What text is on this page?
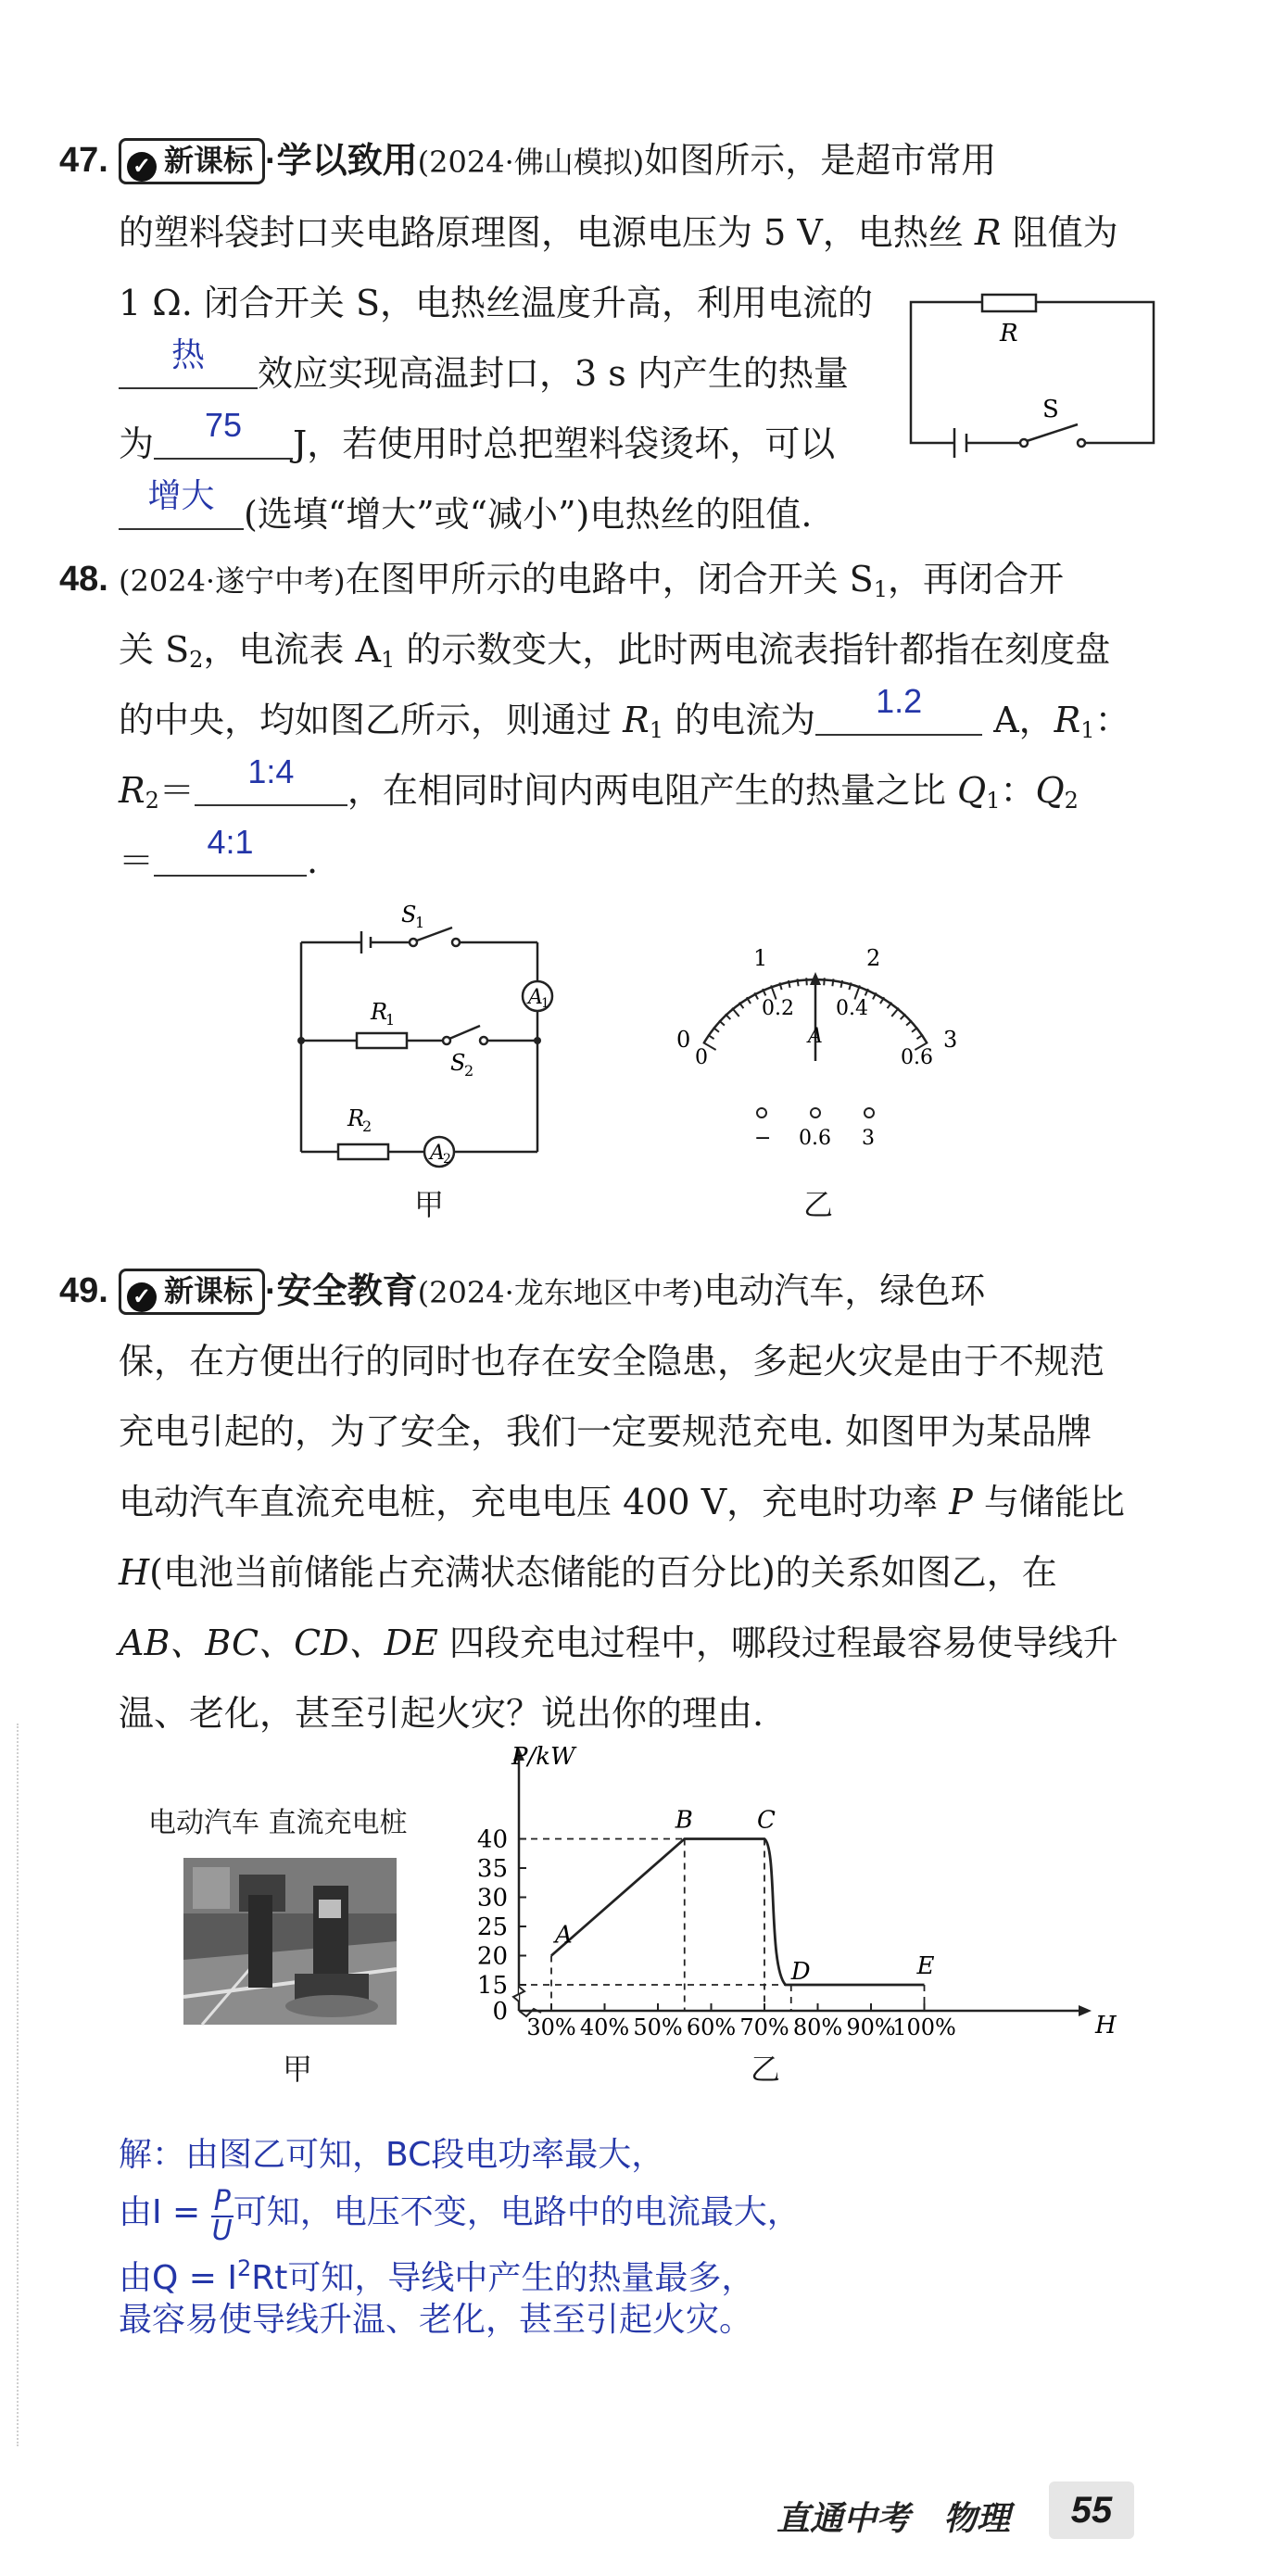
47.	✓ 新课标 ·学以致用(2024·佛山模拟)如图所示，是超市常用
的塑料袋封口夹电路原理图，电源电压为 5 V，电热丝 R 阻值为
1 Ω. 闭合开关 S，电热丝温度升高，利用电流的
热	效应实现高温封口，3 s 内产生的热量
为	75	J，若使用时总把塑料袋烫坏，可以
增大 (选填“增大”或“减小”)电热丝的阻值.
R
S
48. (2024·遂宁中考)在图甲所示的电路中，闭合开关 $S_1$，再闭合开
关 $S_2$，电流表 $A_1$ 的示数变大，此时两电流表指针都指在刻度盘
的中央，均如图乙所示，则通过 $R_1$ 的电流为	1.2	A，$R_1$：
$R_2=$	1:4	，在相同时间内两电阻产生的热量之比 $Q_1$：$Q_2$
＝	4:1	.
S
1
A
1
R
1
S
2
R
2
A
2
甲
0
1	2
3
0
0.2 0.4
0.6
A
− 0.6 3
乙
49.	✓ 新课标 ·安全教育(2024·龙东地区中考)电动汽车，绿色环
保，在方便出行的同时也存在安全隐患，多起火灾是由于不规范
充电引起的，为了安全，我们一定要规范充电. 如图甲为某品牌
电动汽车直流充电桩，充电电压 400 V，充电时功率 P 与储能比
H(电池当前储能占充满状态储能的百分比)的关系如图乙，在
AB、BC、CD、DE 四段充电过程中，哪段过程最容易使导线升
温、老化，甚至引起火灾？说出你的理由.
电动汽车 直流充电桩
甲
P/kW
H
0
15
20
25
30
35
40
30% 40% 50% 60% 70% 80% 90%
100%
A
B	C
D	E
乙
解：由图乙可知，BC段电功率最大，
由$I = \frac{P}{U}$ 可知，电压不变，电路中的电流最大，
由$Q = I^2Rt$可知，导线中产生的热量最多，
最容易使导线升温、老化，甚至引起火灾。
直通中考　物理	55
